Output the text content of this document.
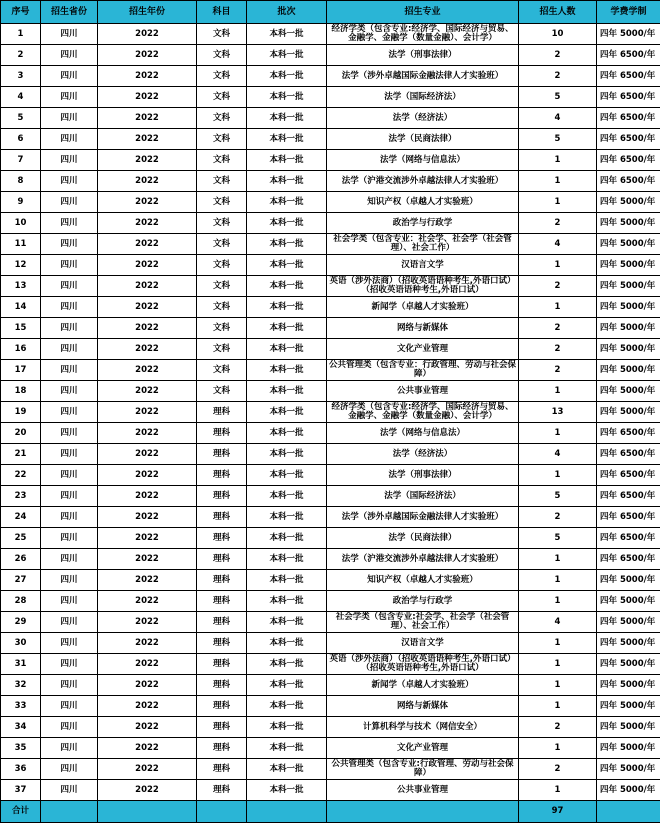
序号	招生省份	招生年份	科目	批次	招生专业	招生人数	学费学制
1	四川	2022	文科	本科一批	经济学类（包含专业:经济学、国际经济与贸易、金融学、金融学（数量金融）、会计学）	10	四年 5000/年
2	四川	2022	文科	本科一批	法学（刑事法律）	2	四年 6500/年
3	四川	2022	文科	本科一批	法学（涉外卓越国际金融法律人才实验班）	2	四年 6500/年
4	四川	2022	文科	本科一批	法学（国际经济法）	5	四年 6500/年
5	四川	2022	文科	本科一批	法学（经济法）	4	四年 6500/年
6	四川	2022	文科	本科一批	法学（民商法律）	5	四年 6500/年
7	四川	2022	文科	本科一批	法学（网络与信息法）	1	四年 6500/年
8	四川	2022	文科	本科一批	法学（沪港交流涉外卓越法律人才实验班）	1	四年 6500/年
9	四川	2022	文科	本科一批	知识产权（卓越人才实验班）	1	四年 5000/年
10	四川	2022	文科	本科一批	政治学与行政学	2	四年 5000/年
11	四川	2022	文科	本科一批	社会学类（包含专业：社会学、社会学（社会管理）、社会工作）	4	四年 5000/年
12	四川	2022	文科	本科一批	汉语言文学	1	四年 5000/年
13	四川	2022	文科	本科一批	英语（涉外法商）（招收英语语种考生,外语口试）（招收英语语种考生,外语口试）	2	四年 5000/年
14	四川	2022	文科	本科一批	新闻学（卓越人才实验班）	1	四年 5000/年
15	四川	2022	文科	本科一批	网络与新媒体	2	四年 5000/年
16	四川	2022	文科	本科一批	文化产业管理	2	四年 5000/年
17	四川	2022	文科	本科一批	公共管理类（包含专业：行政管理、劳动与社会保障）	2	四年 5000/年
18	四川	2022	文科	本科一批	公共事业管理	1	四年 5000/年
19	四川	2022	理科	本科一批	经济学类（包含专业:经济学、国际经济与贸易、金融学、金融学（数量金融）、会计学）	13	四年 5000/年
20	四川	2022	理科	本科一批	法学（网络与信息法）	1	四年 6500/年
21	四川	2022	理科	本科一批	法学（经济法）	4	四年 6500/年
22	四川	2022	理科	本科一批	法学（刑事法律）	1	四年 6500/年
23	四川	2022	理科	本科一批	法学（国际经济法）	5	四年 6500/年
24	四川	2022	理科	本科一批	法学（涉外卓越国际金融法律人才实验班）	2	四年 6500/年
25	四川	2022	理科	本科一批	法学（民商法律）	5	四年 6500/年
26	四川	2022	理科	本科一批	法学（沪港交流涉外卓越法律人才实验班）	1	四年 6500/年
27	四川	2022	理科	本科一批	知识产权（卓越人才实验班）	1	四年 5000/年
28	四川	2022	理科	本科一批	政治学与行政学	1	四年 5000/年
29	四川	2022	理科	本科一批	社会学类（包含专业:社会学、社会学（社会管理）、社会工作）	4	四年 5000/年
30	四川	2022	理科	本科一批	汉语言文学	1	四年 5000/年
31	四川	2022	理科	本科一批	英语（涉外法商）（招收英语语种考生,外语口试）（招收英语语种考生,外语口试）	1	四年 5000/年
32	四川	2022	理科	本科一批	新闻学（卓越人才实验班）	1	四年 5000/年
33	四川	2022	理科	本科一批	网络与新媒体	1	四年 5000/年
34	四川	2022	理科	本科一批	计算机科学与技术（网信安全）	2	四年 5000/年
35	四川	2022	理科	本科一批	文化产业管理	1	四年 5000/年
36	四川	2022	理科	本科一批	公共管理类（包含专业:行政管理、劳动与社会保障）	2	四年 5000/年
37	四川	2022	理科	本科一批	公共事业管理	1	四年 5000/年
合计						97	
